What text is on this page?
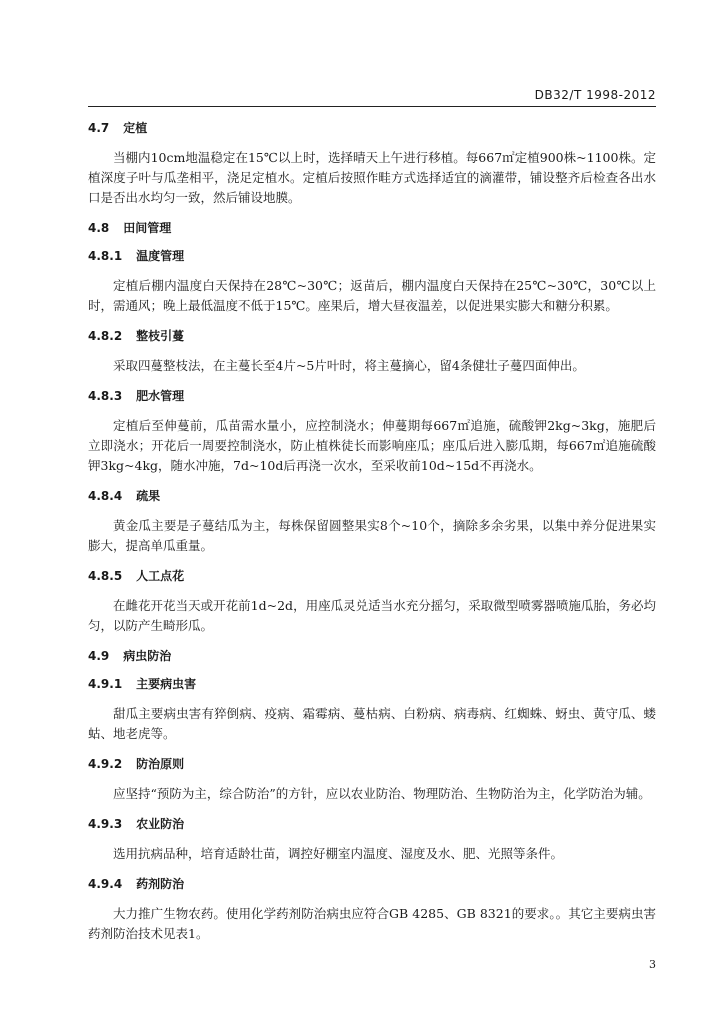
DB32/T 1998-2012

4.7 定植

当棚内10cm地温稳定在15℃以上时，选择晴天上午进行移植。每667㎡定植900株~1100株。定植深度子叶与瓜垄相平，浇足定植水。定植后按照作畦方式选择适宜的滴灌带，铺设整齐后检查各出水口是否出水均匀一致，然后铺设地膜。

4.8 田间管理

4.8.1 温度管理

定植后棚内温度白天保持在28℃~30℃；返苗后，棚内温度白天保持在25℃~30℃，30℃以上时，需通风；晚上最低温度不低于15℃。座果后，增大昼夜温差，以促进果实膨大和糖分积累。

4.8.2 整枝引蔓

采取四蔓整枝法，在主蔓长至4片~5片叶时，将主蔓摘心，留4条健壮子蔓四面伸出。

4.8.3 肥水管理

定植后至伸蔓前，瓜苗需水量小，应控制浇水；伸蔓期每667㎡追施，硫酸钾2kg~3kg，施肥后立即浇水；开花后一周要控制浇水，防止植株徒长而影响座瓜；座瓜后进入膨瓜期，每667㎡追施硫酸钾3kg~4kg，随水冲施，7d~10d后再浇一次水，至采收前10d~15d不再浇水。

4.8.4 疏果

黄金瓜主要是子蔓结瓜为主，每株保留圆整果实8个~10个，摘除多余劣果，以集中养分促进果实膨大，提高单瓜重量。

4.8.5 人工点花

在雌花开花当天或开花前1d~2d，用座瓜灵兑适当水充分摇匀，采取微型喷雾器喷施瓜胎，务必均匀，以防产生畸形瓜。

4.9 病虫防治

4.9.1 主要病虫害

甜瓜主要病虫害有猝倒病、疫病、霜霉病、蔓枯病、白粉病、病毒病、红蜘蛛、蚜虫、黄守瓜、蝼蛄、地老虎等。

4.9.2 防治原则

应坚持“预防为主，综合防治”的方针，应以农业防治、物理防治、生物防治为主，化学防治为辅。

4.9.3 农业防治

选用抗病品种，培育适龄壮苗，调控好棚室内温度、湿度及水、肥、光照等条件。

4.9.4 药剂防治

大力推广生物农药。使用化学药剂防治病虫应符合GB 4285、GB 8321的要求。。其它主要病虫害药剂防治技术见表1。

3
